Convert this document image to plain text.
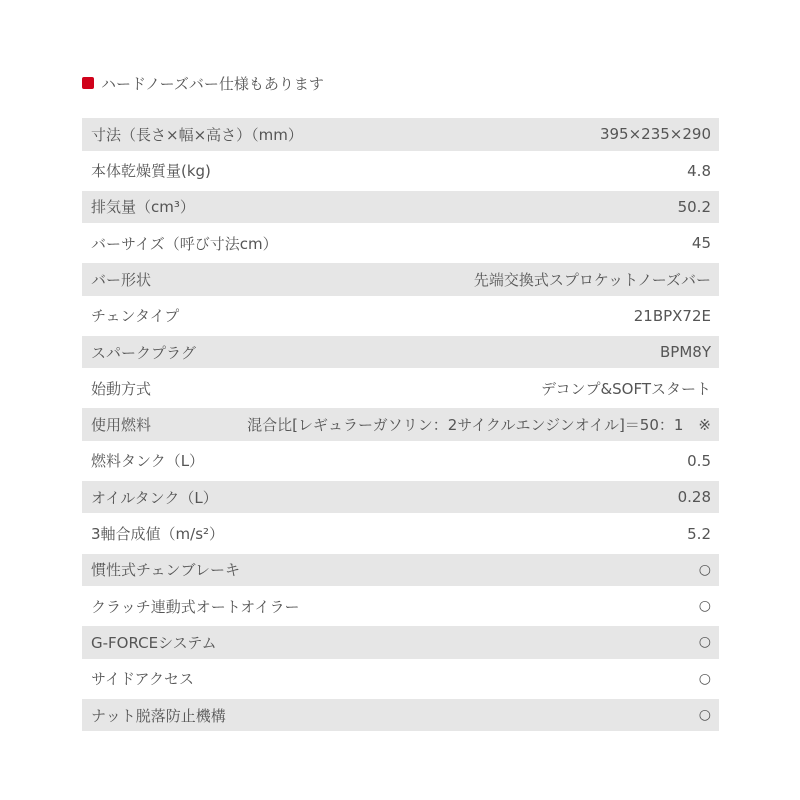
ハードノーズバー仕様もあります
寸法（長さ×幅×高さ）（mm）	395×235×290
本体乾燥質量(kg)	4.8
排気量（cm³）	50.2
バーサイズ（呼び寸法cm）	45
バー形状	先端交換式スプロケットノーズバー
チェンタイプ	21BPX72E
スパークプラグ	BPM8Y
始動方式	デコンプ&SOFTスタート
使用燃料	混合比[レギュラーガソリン：2サイクルエンジンオイル]＝50：1　※
燃料タンク（L）	0.5
オイルタンク（L）	0.28
3軸合成値（m/s²）	5.2
慣性式チェンブレーキ	○
クラッチ連動式オートオイラー	○
G-FORCEシステム	○
サイドアクセス	○
ナット脱落防止機構	○
